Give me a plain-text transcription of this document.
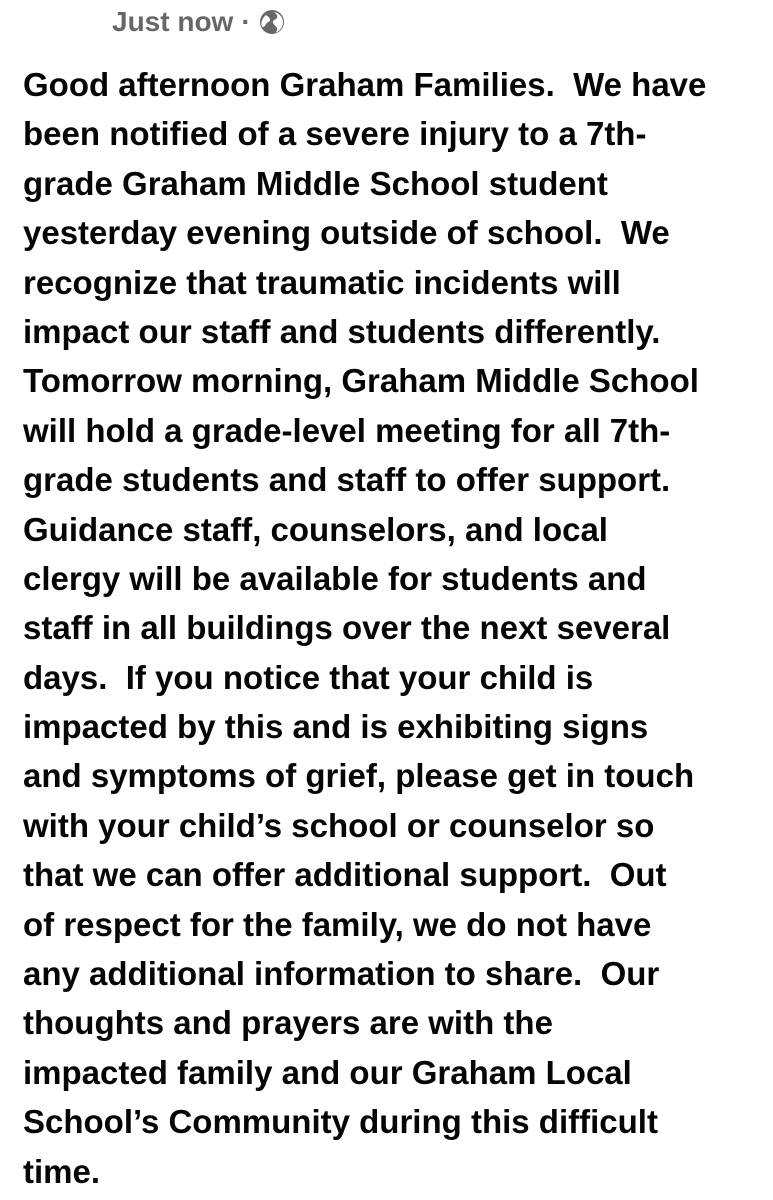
Just now ·
Good afternoon Graham Families.  We have
been notified of a severe injury to a 7th-
grade Graham Middle School student
yesterday evening outside of school.  We
recognize that traumatic incidents will
impact our staff and students differently.
Tomorrow morning, Graham Middle School
will hold a grade-level meeting for all 7th-
grade students and staff to offer support.
Guidance staff, counselors, and local
clergy will be available for students and
staff in all buildings over the next several
days.  If you notice that your child is
impacted by this and is exhibiting signs
and symptoms of grief, please get in touch
with your child’s school or counselor so
that we can offer additional support.  Out
of respect for the family, we do not have
any additional information to share.  Our
thoughts and prayers are with the
impacted family and our Graham Local
School’s Community during this difficult
time.
